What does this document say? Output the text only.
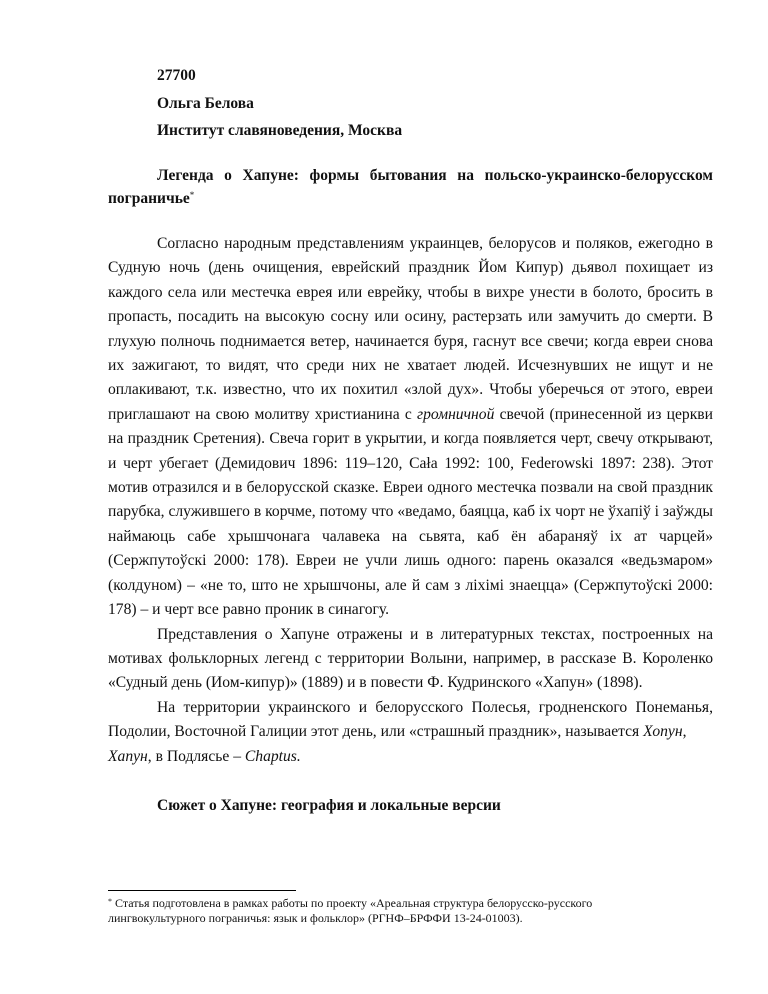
27700
Ольга Белова
Институт славяноведения, Москва
Легенда о Хапуне: формы бытования на польско-украинско-белорусском
пограничье*

Согласно народным представлениям украинцев, белорусов и поляков, ежегодно в Судную ночь (день очищения, еврейский праздник Йом Кипур) дьявол похищает из каждого села или местечка еврея или еврейку, чтобы в вихре унести в болото, бросить в пропасть, посадить на высокую сосну или осину, растерзать или замучить до смерти. В глухую полночь поднимается ветер, начинается буря, гаснут все свечи; когда евреи снова их зажигают, то видят, что среди них не хватает людей. Исчезнувших не ищут и не оплакивают, т.к. известно, что их похитил «злой дух». Чтобы уберечься от этого, евреи приглашают на свою молитву христианина с громничной свечой (принесенной из церкви на праздник Сретения). Свеча горит в укрытии, и когда появляется черт, свечу открывают, и черт убегает (Демидович 1896: 119–120, Cała 1992: 100, Federowski 1897: 238). Этот мотив отразился и в белорусской сказке. Евреи одного местечка позвали на свой праздник парубка, служившего в корчме, потому что «ведамо, баяцца, каб іх чорт не ўхапіў і заўжды наймаюць сабе хрышчонага чалавека на сьвята, каб ён абараняў іх ат чарцей» (Сержпутоўскі 2000: 178). Евреи не учли лишь одного: парень оказался «ведьзмаром» (колдуном) – «не то, што не хрышчоны, але й сам з ліхімі знаецца» (Сержпутоўскі 2000: 178) – и черт все равно проник в синагогу.

Представления о Хапуне отражены и в литературных текстах, построенных на мотивах фольклорных легенд с территории Волыни, например, в рассказе В. Короленко «Судный день (Иом-кипур)» (1889) и в повести Ф. Кудринского «Хапун» (1898).

На территории украинского и белорусского Полесья, гродненского Понеманья, Подолии, Восточной Галиции этот день, или «страшный праздник», называется Хопун,
Хапун, в Подлясье – Chaptus.

Сюжет о Хапуне: география и локальные версии
* Статья подготовлена в рамках работы по проекту «Ареальная структура белорусско-русского лингвокультурного пограничья: язык и фольклор» (РГНФ–БРФФИ 13-24-01003).
